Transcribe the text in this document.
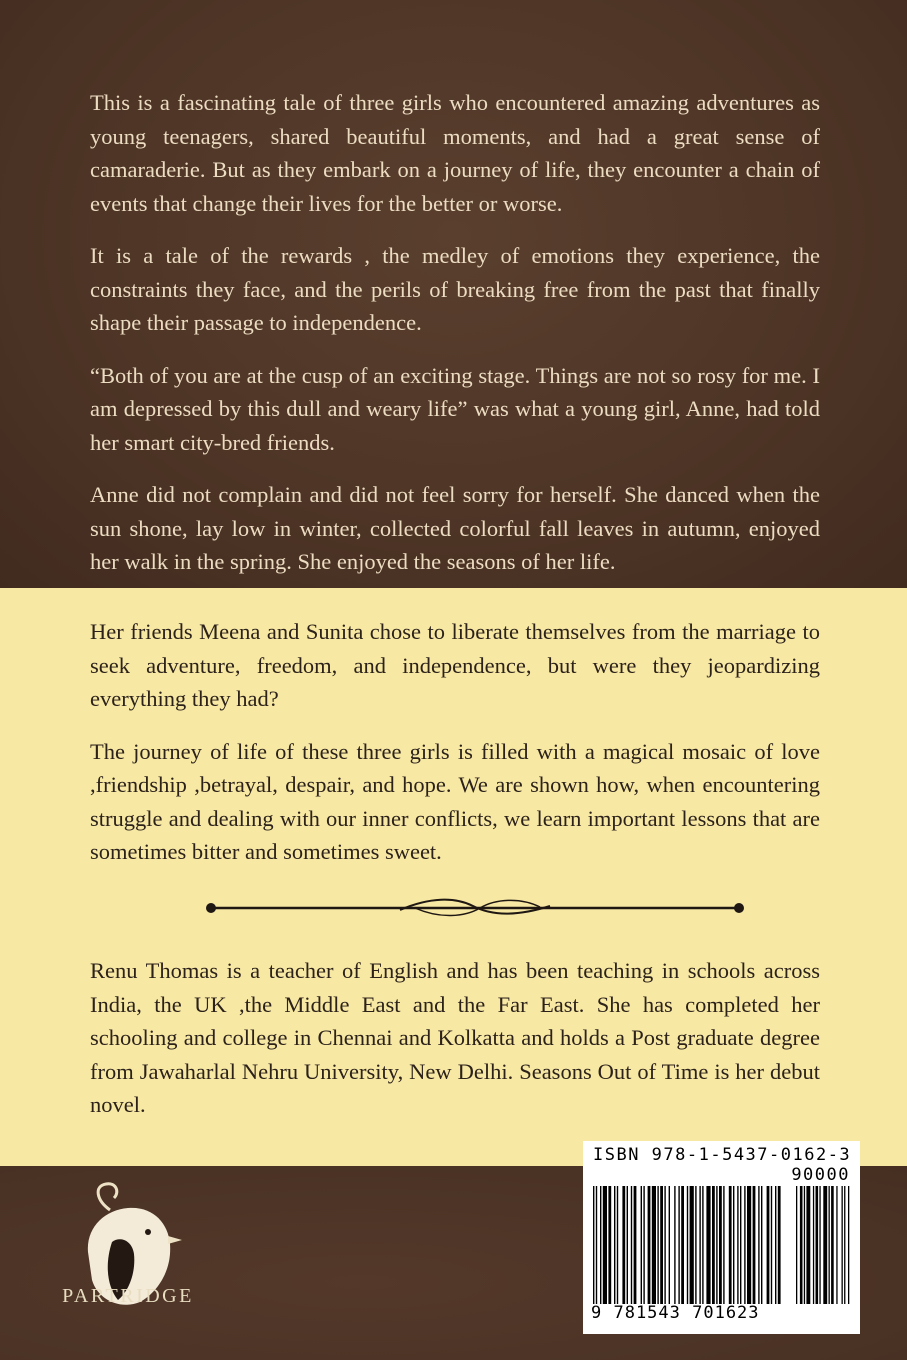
This is a fascinating tale of three girls who encountered amazing adventures as young teenagers, shared beautiful moments, and had a great sense of camaraderie. But as they embark on a journey of life, they encounter a chain of events that change their lives for the better or worse.

It is a tale of the rewards , the medley of emotions they experience, the constraints they face, and the perils of breaking free from the past that finally shape their passage to independence.

“Both of you are at the cusp of an exciting stage. Things are not so rosy for me. I am depressed by this dull and weary life” was what a young girl, Anne, had told her smart city-bred friends.

Anne did not complain and did not feel sorry for herself. She danced when the sun shone, lay low in winter, collected colorful fall leaves in autumn, enjoyed her walk in the spring. She enjoyed the seasons of her life.

Her friends Meena and Sunita chose to liberate themselves from the marriage to seek adventure, freedom, and independence, but were they jeopardizing everything they had?

The journey of life of these three girls is filled with a magical mosaic of love ,friendship ,betrayal, despair, and hope. We are shown how, when encountering struggle and dealing with our inner conflicts, we learn important lessons that are sometimes bitter and sometimes sweet.

Renu Thomas is a teacher of English and has been teaching in schools across India, the UK ,the Middle East and the Far East. She has completed her schooling and college in Chennai and Kolkatta and holds a Post graduate degree from Jawaharlal Nehru University, New Delhi. Seasons Out of Time is her debut novel.

PARTRIDGE
ISBN 978-1-5437-0162-3
90000
9 781543 701623
